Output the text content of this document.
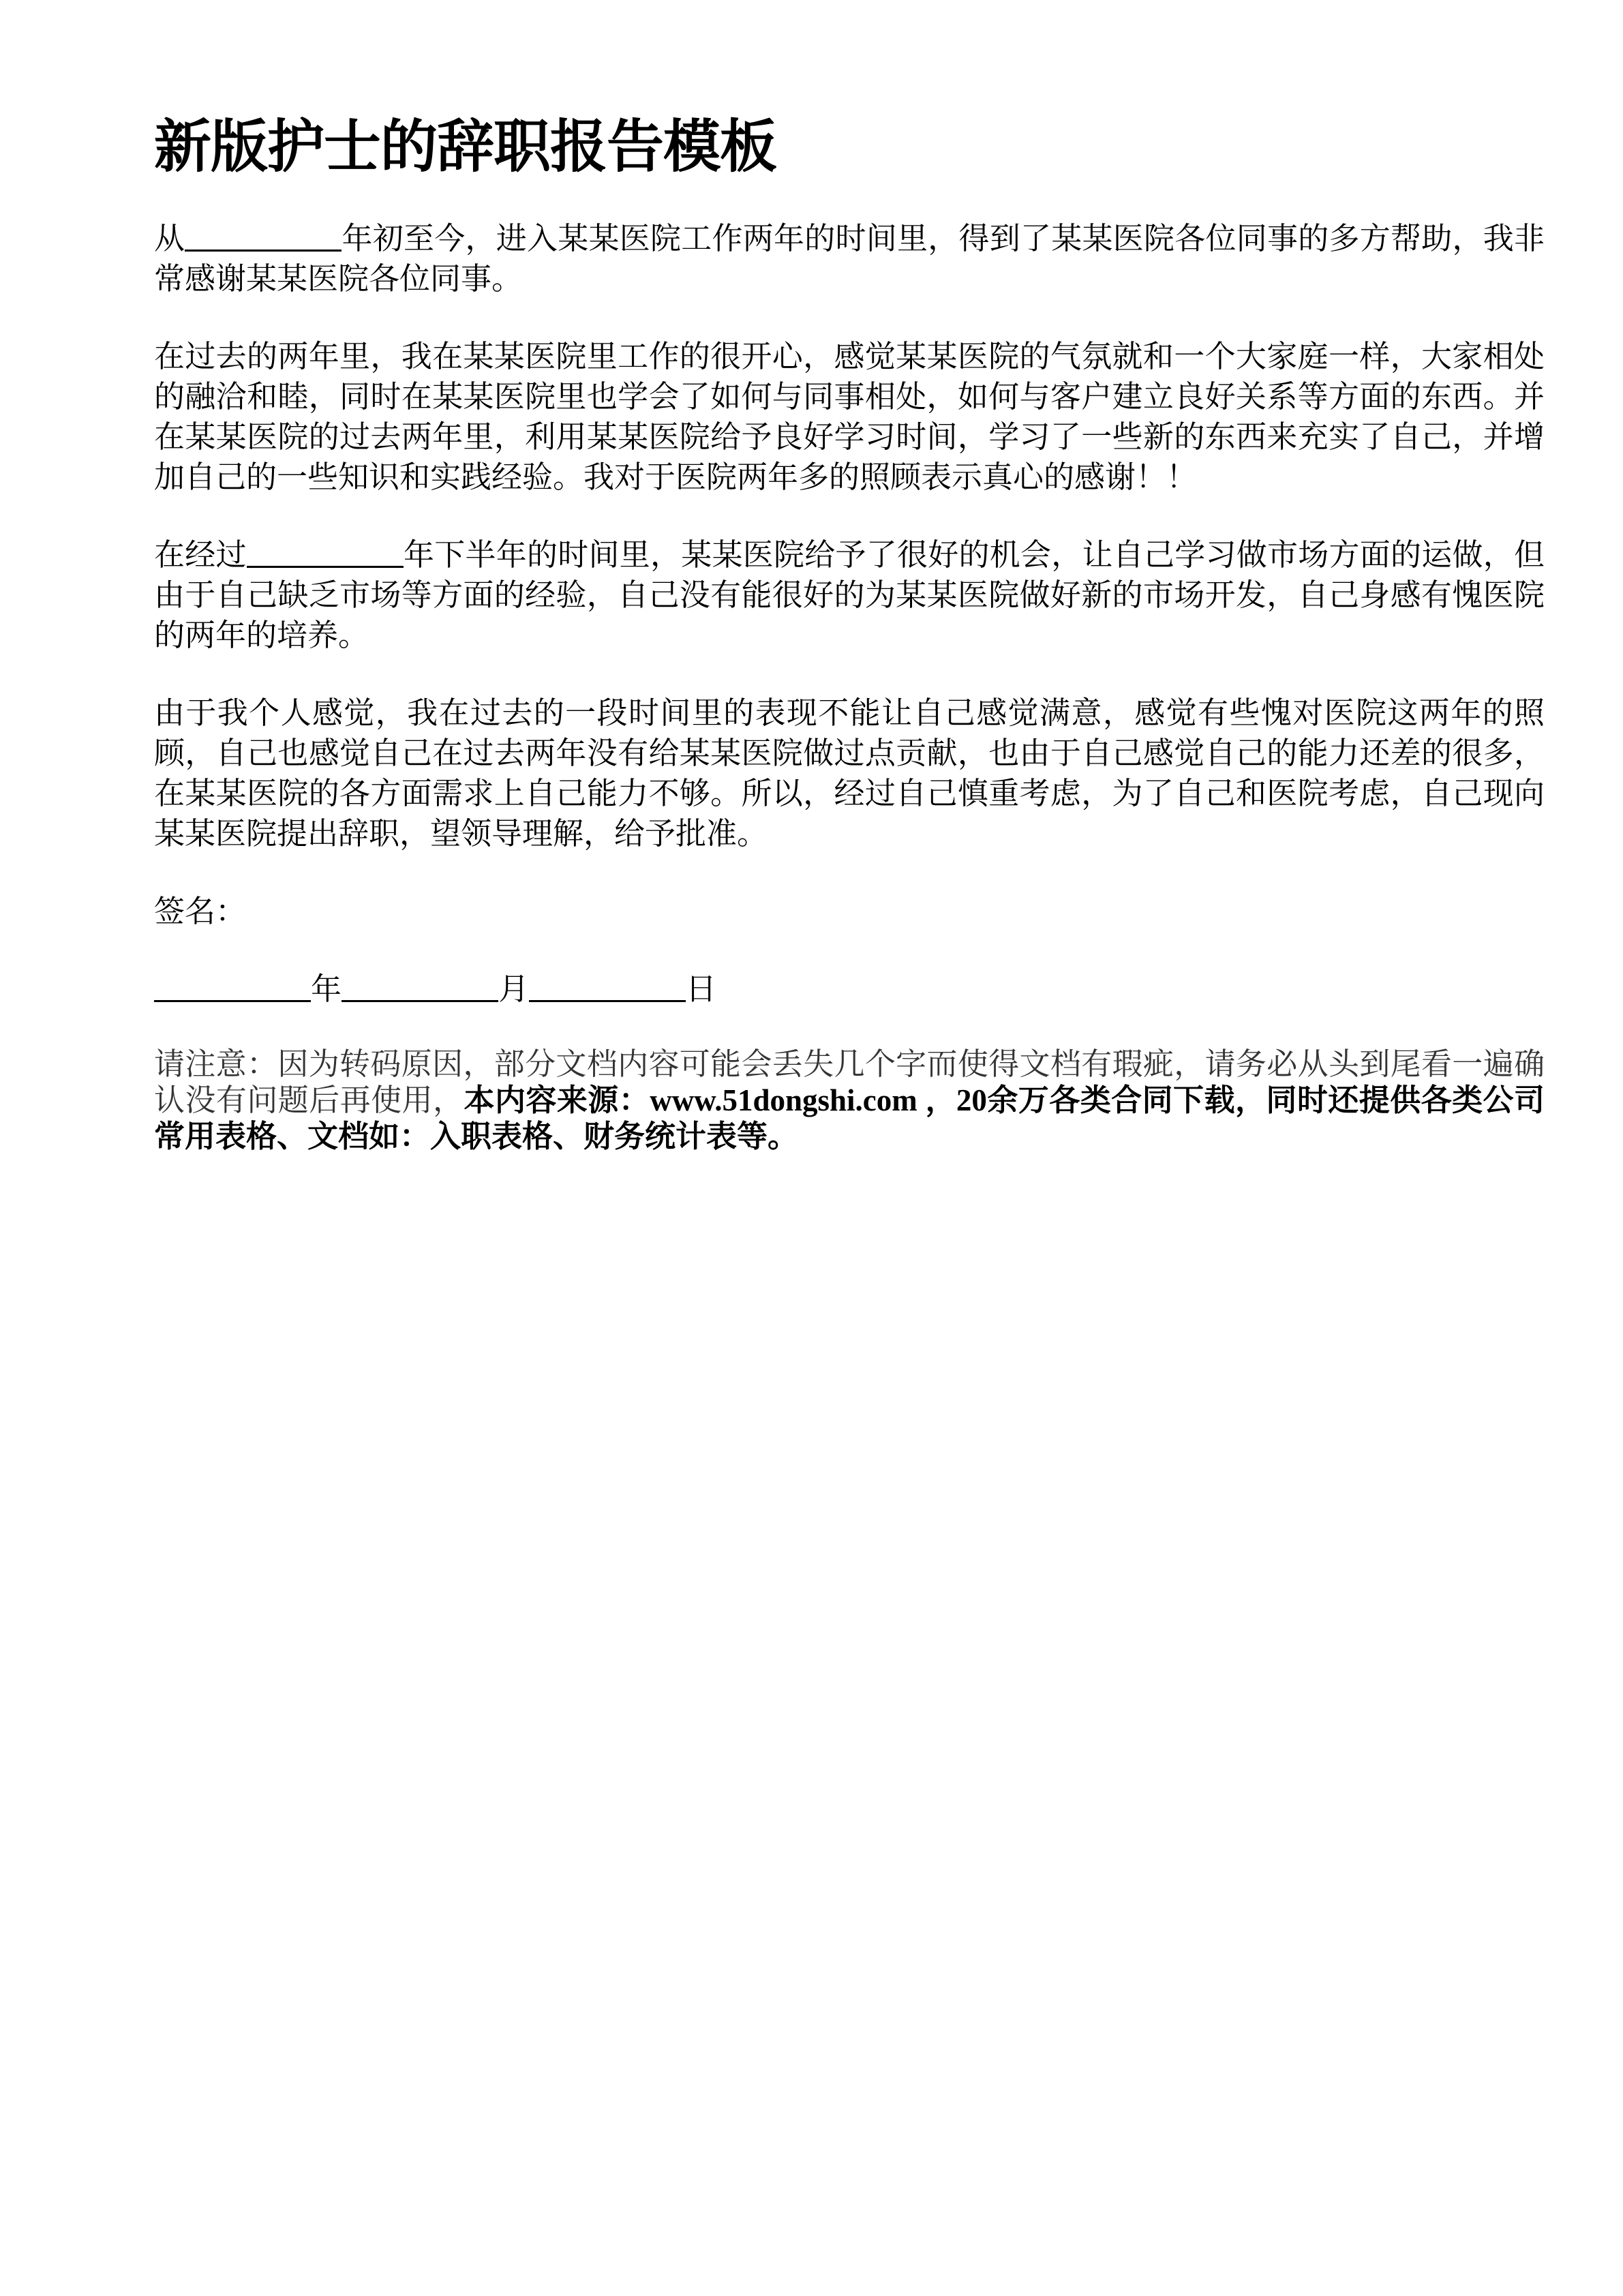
新版护士的辞职报告模板

从	年初至今，进入某某医院工作两年的时间里，得到了某某医院各位同事的多方帮助，我非常感谢某某医院各位同事。

在过去的两年里，我在某某医院里工作的很开心，感觉某某医院的气氛就和一个大家庭一样，大家相处的融洽和睦，同时在某某医院里也学会了如何与同事相处，如何与客户建立良好关系等方面的东西。并在某某医院的过去两年里，利用某某医院给予良好学习时间，学习了一些新的东西来充实了自己，并增加自己的一些知识和实践经验。我对于医院两年多的照顾表示真心的感谢！！

在经过	年下半年的时间里，某某医院给予了很好的机会，让自己学习做市场方面的运做，但由于自己缺乏市场等方面的经验，自己没有能很好的为某某医院做好新的市场开发，自己身感有愧医院的两年的培养。

由于我个人感觉，我在过去的一段时间里的表现不能让自己感觉满意，感觉有些愧对医院这两年的照顾，自己也感觉自己在过去两年没有给某某医院做过点贡献，也由于自己感觉自己的能力还差的很多，在某某医院的各方面需求上自己能力不够。所以，经过自己慎重考虑，为了自己和医院考虑，自己现向某某医院提出辞职，望领导理解，给予批准。

签名：

年	月	日

请注意：因为转码原因，部分文档内容可能会丢失几个字而使得文档有瑕疵，请务必从头到尾看一遍确认没有问题后再使用，本内容来源：www.51dongshi.com ，20余万各类合同下载，同时还提供各类公司常用表格、文档如：入职表格、财务统计表等。
